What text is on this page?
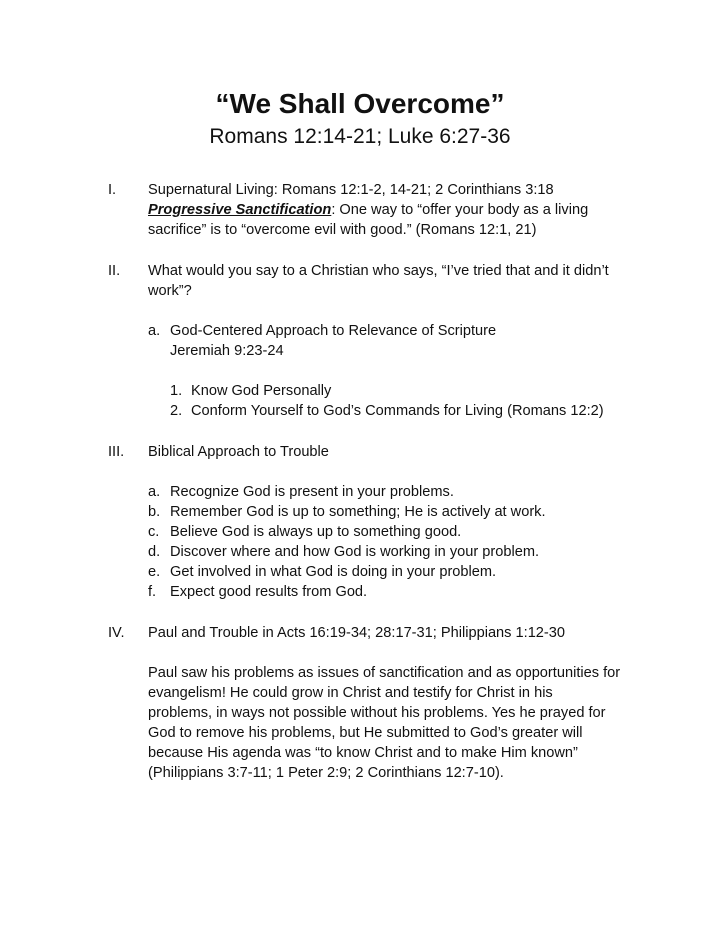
“We Shall Overcome”
Romans 12:14-21; Luke 6:27-36
I.	Supernatural Living: Romans 12:1-2, 14-21; 2 Corinthians 3:18
Progressive Sanctification: One way to “offer your body as a living
sacrifice” is to “overcome evil with good.” (Romans 12:1, 21)
II.	What would you say to a Christian who says, “I’ve tried that and it didn’t
work”?
a. God-Centered Approach to Relevance of Scripture
Jeremiah 9:23-24
1. Know God Personally
2. Conform Yourself to God’s Commands for Living (Romans 12:2)
III.	Biblical Approach to Trouble
a. Recognize God is present in your problems.
b. Remember God is up to something; He is actively at work.
c. Believe God is always up to something good.
d. Discover where and how God is working in your problem.
e. Get involved in what God is doing in your problem.
f. Expect good results from God.
IV.	Paul and Trouble in Acts 16:19-34; 28:17-31; Philippians 1:12-30
Paul saw his problems as issues of sanctification and as opportunities for
evangelism! He could grow in Christ and testify for Christ in his
problems, in ways not possible without his problems. Yes he prayed for
God to remove his problems, but He submitted to God’s greater will
because His agenda was “to know Christ and to make Him known”
(Philippians 3:7-11; 1 Peter 2:9; 2 Corinthians 12:7-10).
